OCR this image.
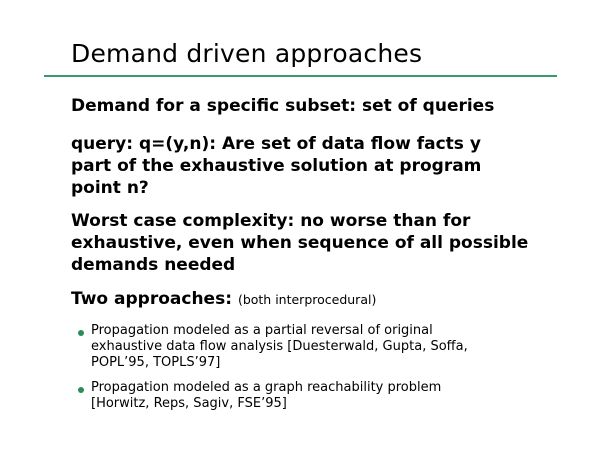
Demand driven approaches
Demand for a specific subset: set of queries
query: q=(y,n): Are set of data flow facts y
part of the exhaustive solution at program
point n?
Worst case complexity: no worse than for
exhaustive, even when sequence of all possible
demands needed
Two approaches: (both interprocedural)
Propagation modeled as a partial reversal of original
exhaustive data flow analysis [Duesterwald, Gupta, Soffa,
POPL’95, TOPLS’97]
Propagation modeled as a graph reachability problem
[Horwitz, Reps, Sagiv, FSE’95]
